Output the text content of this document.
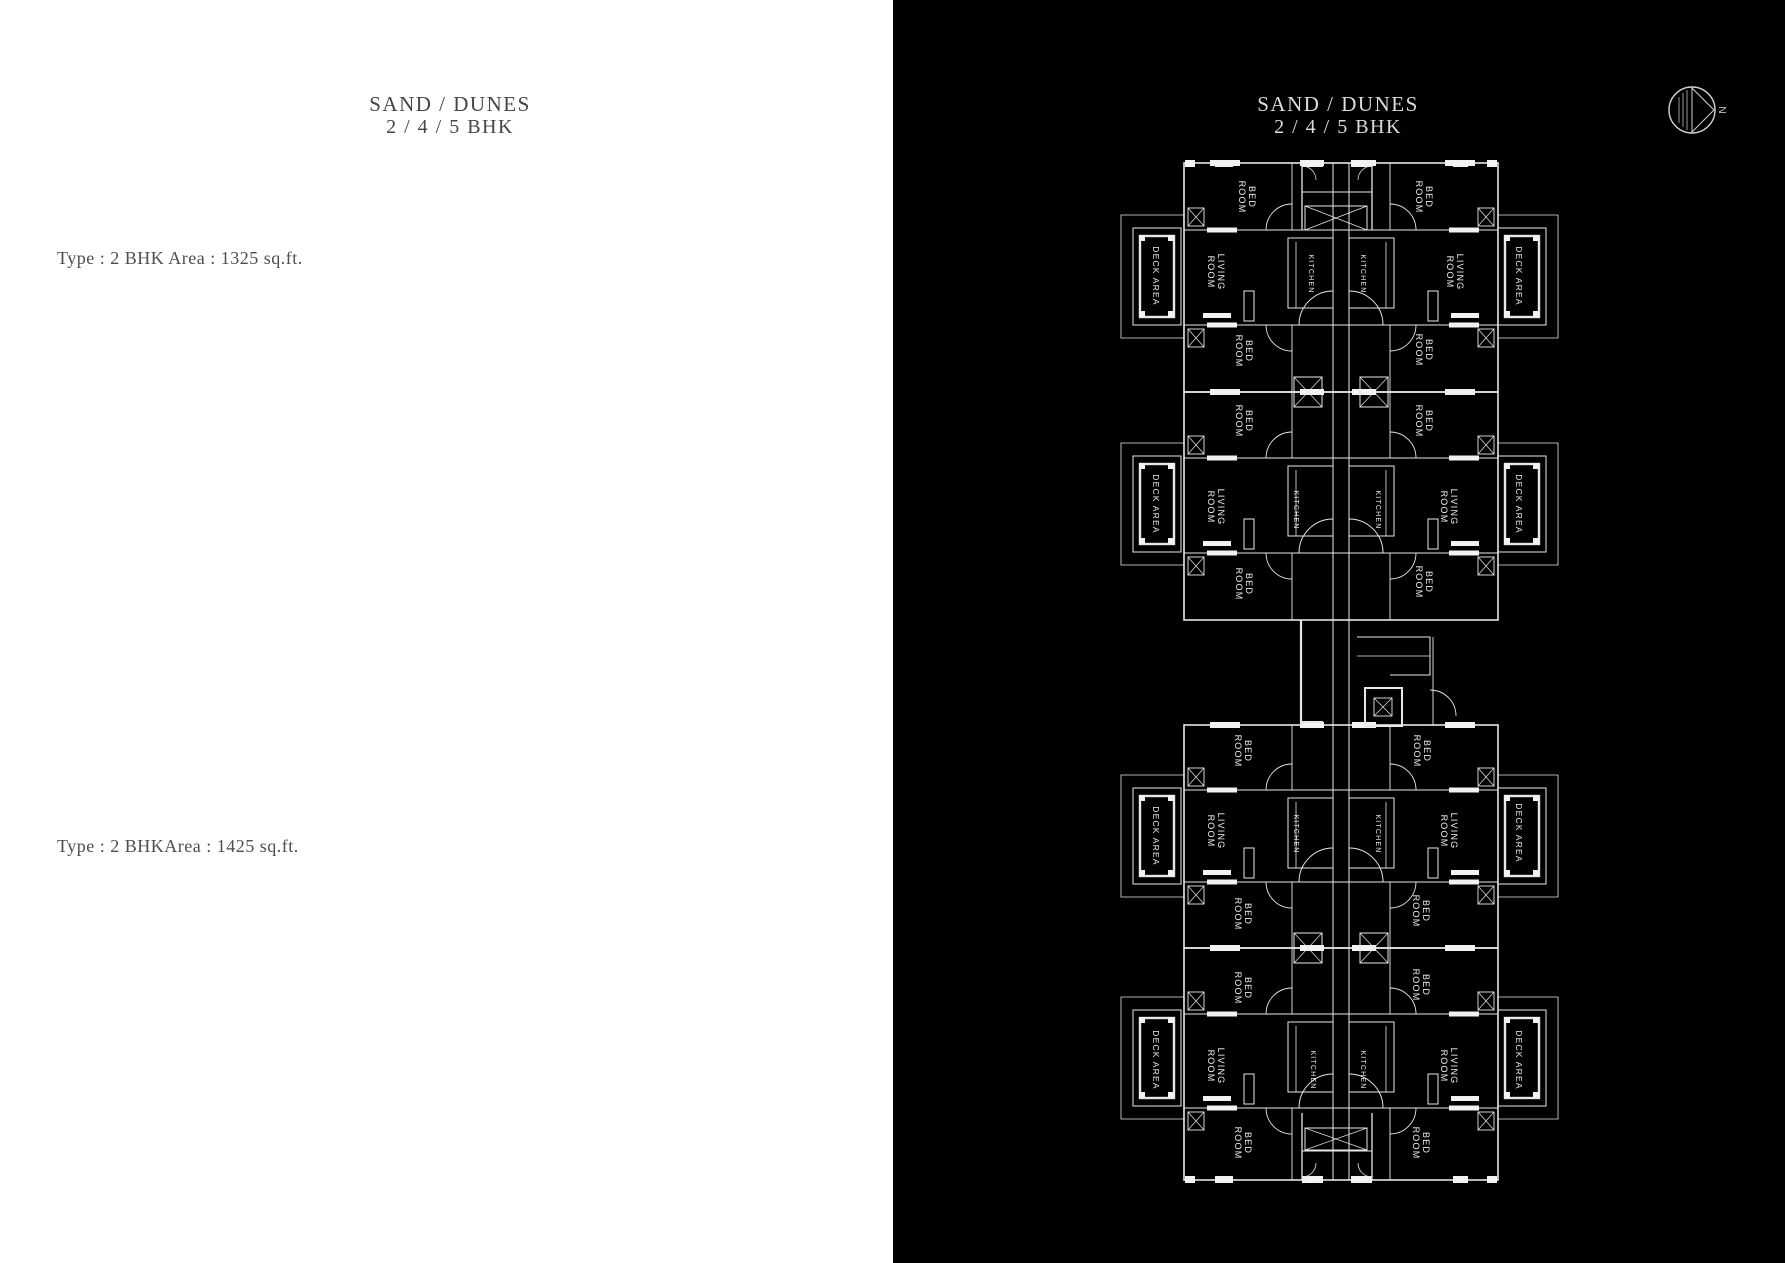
SAND / DUNES
2 / 4 / 5 BHK
Type : 2 BHK Area : 1325 sq.ft.
Type : 2 BHKArea : 1425 sq.ft.
SAND / DUNES
2 / 4 / 5 BHK
N
BEDROOM	BEDROOM
DECK AREA	LIVINGROOM	KITCHEN	KITCHEN	LIVINGROOM	DECK AREA
BEDROOM	BEDROOM
BEDROOM	BEDROOM
DECK AREA	LIVINGROOM	KITCHEN	KITCHEN	LIVINGROOM	DECK AREA
BEDROOM	BEDROOM
BEDROOM	BEDROOM
DECK AREA	LIVINGROOM	KITCHEN	KITCHEN	LIVINGROOM	DECK AREA
BEDROOM	BEDROOM
BEDROOM	BEDROOM
DECK AREA	LIVINGROOM	KITCHEN	KITCHEN	LIVINGROOM	DECK AREA
BEDROOM	BEDROOM
